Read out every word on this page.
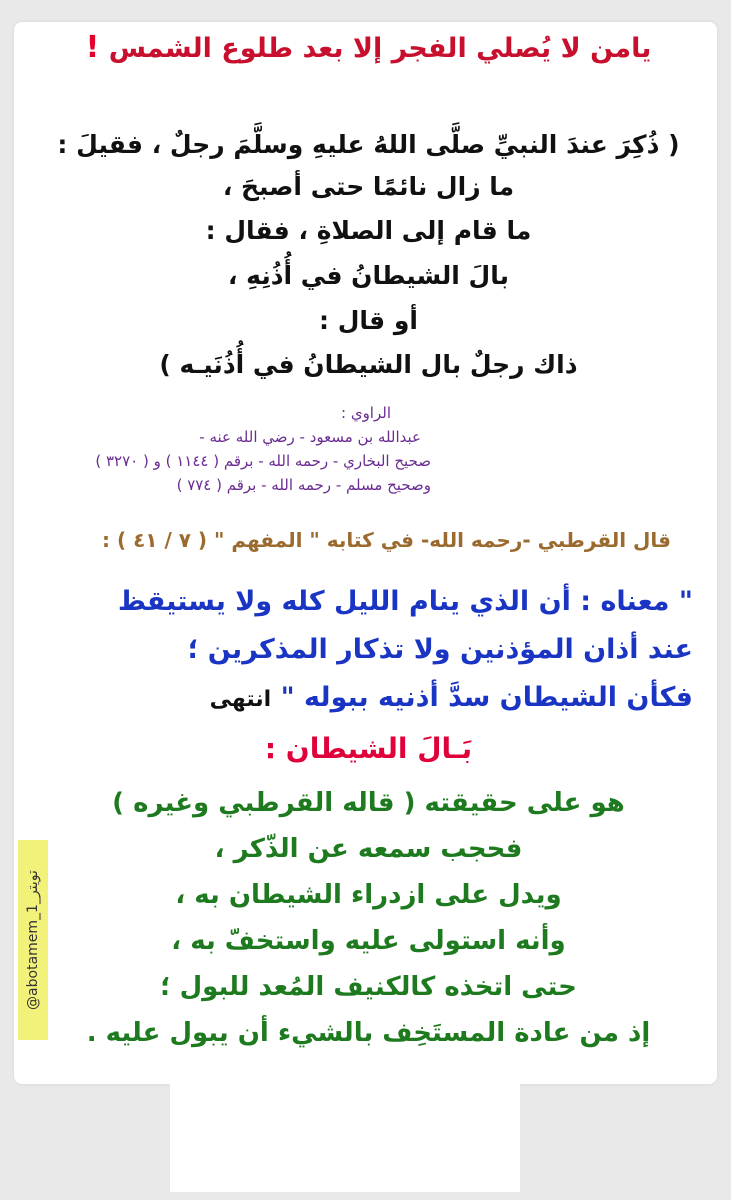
يامن لا يُصلي الفجر إلا بعد طلوع الشمس !
( ذُكِرَ عندَ النبيِّ صلَّى اللهُ عليهِ وسلَّمَ رجلٌ ، فقيلَ :
ما زال نائمًا حتى أصبحَ ،
ما قام إلى الصلاةِ ، فقال :
بالَ الشيطانُ في أُذُنِهِ ،
أو قال :
ذاك رجلٌ بال الشيطانُ في أُذُنَيـه )
الراوي :
عبدالله بن مسعود - رضي الله عنه -
صحيح البخاري - رحمه الله - برقم ( ١١٤٤ ) و ( ٣٢٧٠ )
وصحيح مسلم - رحمه الله - برقم ( ٧٧٤ )
قال القرطبي -رحمه الله- في كتابه " المفهم " ( ٧ / ٤١ ) :
" معناه : أن الذي ينام الليل كله ولا يستيقظ
عند أذان المؤذنين ولا تذكار المذكرين ؛
فكأن الشيطان سدَّ أذنيه ببوله " انتهى
بَـالَ الشيطان :
هو على حقيقته ( قاله القرطبي وغيره )
فحجب سمعه عن الذّكر ،
ويدل على ازدراء الشيطان به ،
وأنه استولى عليه واستخفّ به ،
حتى اتخذه كالكنيف المُعد للبول ؛
إذ من عادة المستَخِف بالشيء أن يبول عليه .
@abotamem_1_تويتر
